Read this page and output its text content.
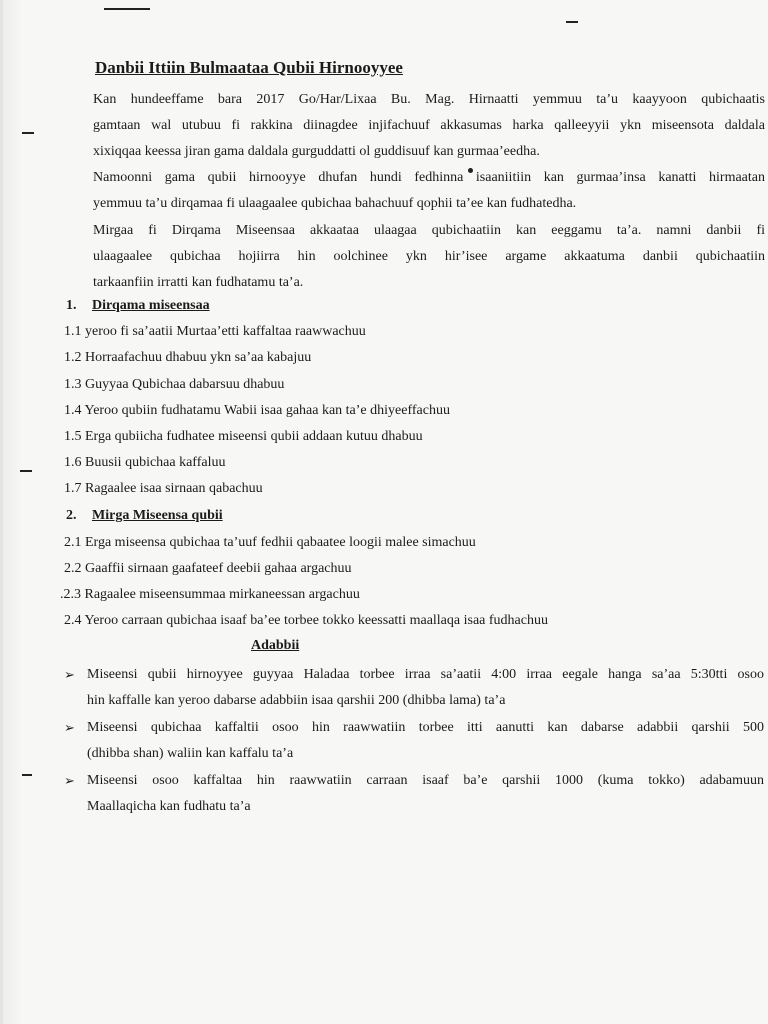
Danbii Ittiin Bulmaataa Qubii Hirnooyyee
Kan hundeeffame bara 2017 Go/Har/Lixaa Bu. Mag. Hirnaatti yemmuu ta’u kaayyoon qubichaatis
gamtaan wal utubuu fi rakkina diinagdee injifachuuf akkasumas harka qalleeyyii ykn miseensota daldala
xixiqqaa keessa jiran gama daldala gurguddatti ol guddisuuf kan gurmaa’eedha.
Namoonni gama qubii hirnooyye dhufan hundi fedhinna isaaniitiin kan gurmaa’insa kanatti hirmaatan
yemmuu ta’u dirqamaa fi ulaagaalee qubichaa bahachuuf qophii ta’ee kan fudhatedha.
Mirgaa fi Dirqama Miseensaa akkaataa ulaagaa qubichaatiin kan eeggamu ta’a. namni danbii fi
ulaagaalee qubichaa hojiirra hin oolchinee ykn hir’isee argame akkaatuma danbii qubichaatiin
tarkaanfiin irratti kan fudhatamu ta’a.
1. Dirqama miseensaa
1.1 yeroo fi sa’aatii Murtaa’etti kaffaltaa raawwachuu
1.2 Horraafachuu dhabuu ykn sa’aa kabajuu
1.3 Guyyaa Qubichaa dabarsuu dhabuu
1.4 Yeroo qubiin fudhatamu Wabii isaa gahaa kan ta’e dhiyeeffachuu
1.5 Erga qubiicha fudhatee miseensi qubii addaan kutuu dhabuu
1.6 Buusii qubichaa kaffaluu
1.7 Ragaalee isaa sirnaan qabachuu
2. Mirga Miseensa qubii
2.1 Erga miseensa qubichaa ta’uuf fedhii qabaatee loogii malee simachuu
2.2 Gaaffii sirnaan gaafateef deebii gahaa argachuu
.2.3 Ragaalee miseensummaa mirkaneessan argachuu
2.4 Yeroo carraan qubichaa isaaf ba’ee torbee tokko keessatti maallaqa isaa fudhachuu
Adabbii
➢ Miseensi qubii hirnoyyee guyyaa Haladaa torbee irraa sa’aatii 4:00 irraa eegale hanga sa’aa 5:30tti osoo
hin kaffalle kan yeroo dabarse adabbiin isaa qarshii 200 (dhibba lama) ta’a
➢ Miseensi qubichaa kaffaltii osoo hin raawwatiin torbee itti aanutti kan dabarse adabbii qarshii 500
(dhibba shan) waliin kan kaffalu ta’a
➢ Miseensi osoo kaffaltaa hin raawwatiin carraan isaaf ba’e qarshii 1000 (kuma tokko) adabamuun
Maallaqicha kan fudhatu ta’a
